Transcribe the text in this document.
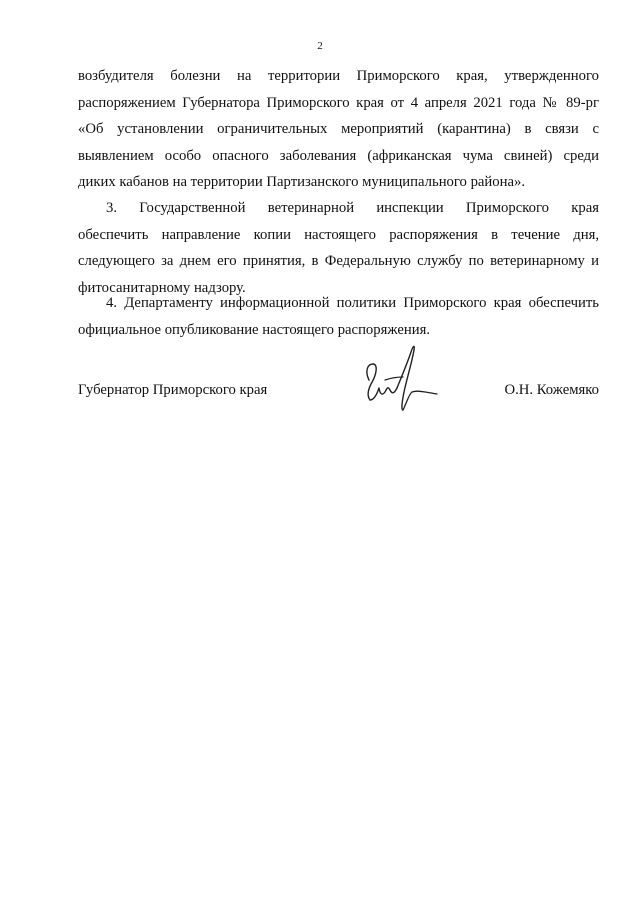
2
возбудителя болезни на территории Приморского края, утвержденного
распоряжением Губернатора Приморского края от 4 апреля 2021 года № 89-рг
«Об установлении ограничительных мероприятий (карантина) в связи с
выявлением особо опасного заболевания (африканская чума свиней) среди
диких кабанов на территории Партизанского муниципального района».
3. Государственной ветеринарной инспекции Приморского края
обеспечить направление копии настоящего распоряжения в течение дня,
следующего за днем его принятия, в Федеральную службу по ветеринарному и
фитосанитарному надзору.
4. Департаменту информационной политики Приморского края обеспечить
официальное опубликование настоящего распоряжения.
Губернатор Приморского края	О.Н. Кожемяко
